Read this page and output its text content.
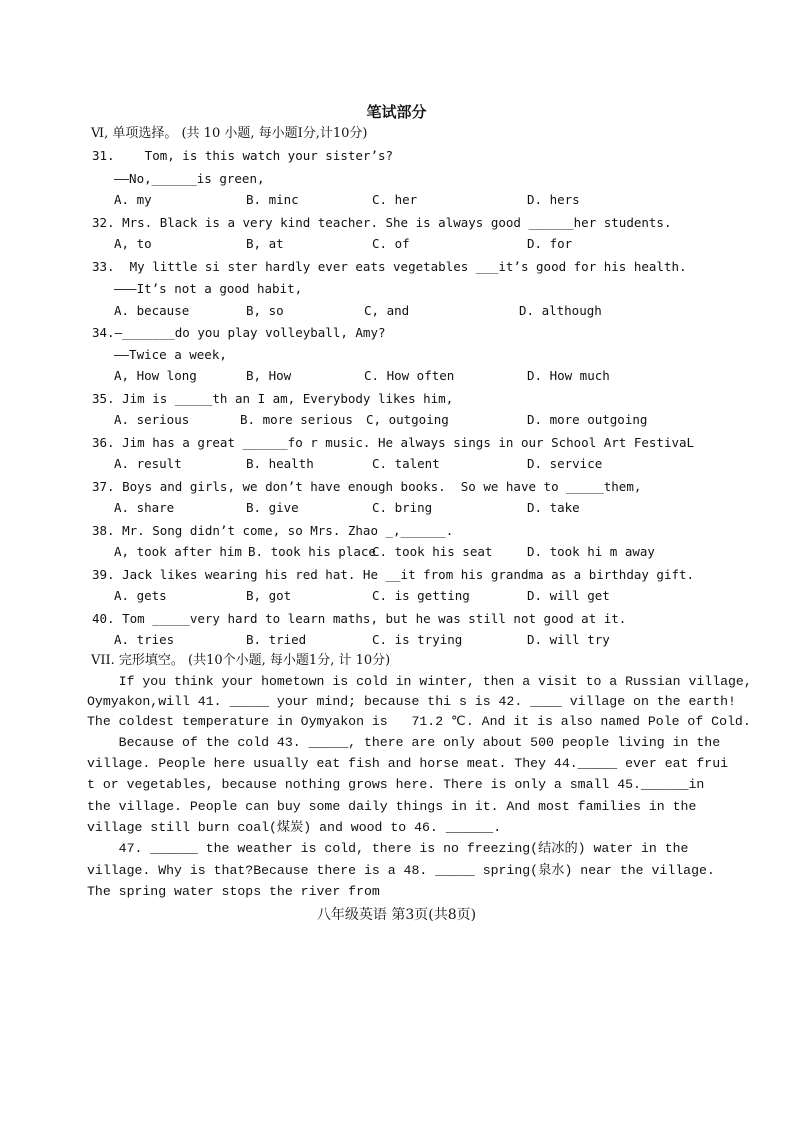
笔试部分
Ⅵ, 单项选择。 (共 10 小题, 每小题Ⅰ分,计10分)
31.    Tom, is this watch your sister’s?
——No,______is green,
A. my	B. minc	C. her	D. hers
32. Mrs. Black is a very kind teacher. She is always good ______her students.
A, to	B, at	C. of	D. for
33.  My little si ster hardly ever eats vegetables ___it’s good for his health.
———It’s not a good habit,
A. because	B, so	C, and	D. although
34.—_______do you play volleyball, Amy?
——Twice a week,
A, How long	B, How	C. How often	D. How much
35. Jim is _____th an I am, Everybody likes him,
A. serious	B. more serious C, outgoing	D. more outgoing
36. Jim has a great ______fo r music. He always sings in our School Art FestivaL
A. result	B. health	C. talent	D. service
37. Boys and girls, we don’t have enough books.  So we have to _____them,
A. share	B. give	C. bring	D. take
38. Mr. Song didn’t come, so Mrs. Zhao _,______.
A, took after him B. took his place
C. took his seat	D. took hi m away
39. Jack likes wearing his red hat. He __it from his grandma as a birthday gift.
A. gets	B, got	C. is getting	D. will get
40. Tom _____very hard to learn maths, but he was still not good at it.
A. tries	B. tried	C. is trying	D. will try
VII. 完形填空。 (共10个小题, 每小题1分, 计 10分)
If you think your hometown is cold in winter, then a visit to a Russian village,
Oymyakon,will 41. _____ your mind; because thi s is 42. ____ village on the earth!
The coldest temperature in Oymyakon is   71.2 ℃. And it is also named Pole of Cold.
Because of the cold 43. _____, there are only about 500 people living in the
village. People here usually eat fish and horse meat. They 44._____ ever eat frui
t or vegetables, because nothing grows here. There is only a small 45.______in
the village. People can buy some daily things in it. And most families in the
village still burn coal(煤炭) and wood to 46. ______.
47. ______ the weather is cold, there is no freezing(结冰的) water in the
village. Why is that?Because there is a 48. _____ spring(泉水) near the village.
The spring water stops the river from
八年级英语 第3页(共8页)
